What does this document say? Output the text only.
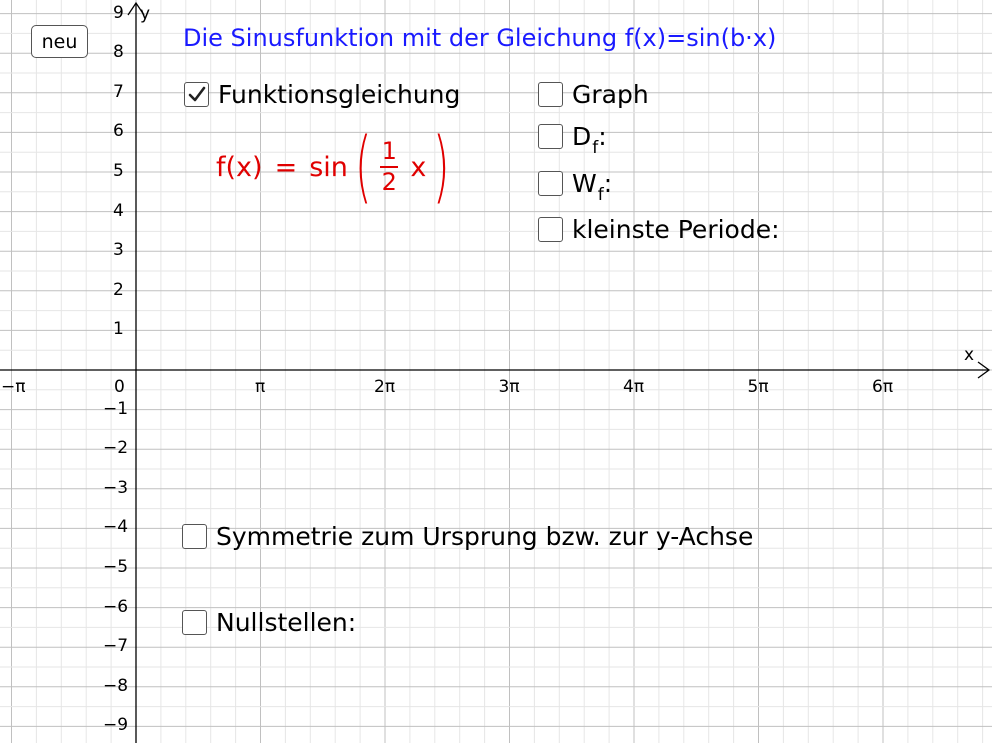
neu	Die Sinusfunktion mit der Gleichung f(x)=sin(b·x)
Funktionsgleichung
f(x) = sin ( $\frac{1}{2}$ x )
Graph
$D_f$:
$W_f$:
kleinste Periode:
Symmetrie zum Ursprung bzw. zur y-Achse
Nullstellen:
x
y
−π	0	π	2π	3π	4π	5π	6π
1
2
3
4
5
6
7
8
9
−1
−2
−3
−4
−5
−6
−7
−8
−9
